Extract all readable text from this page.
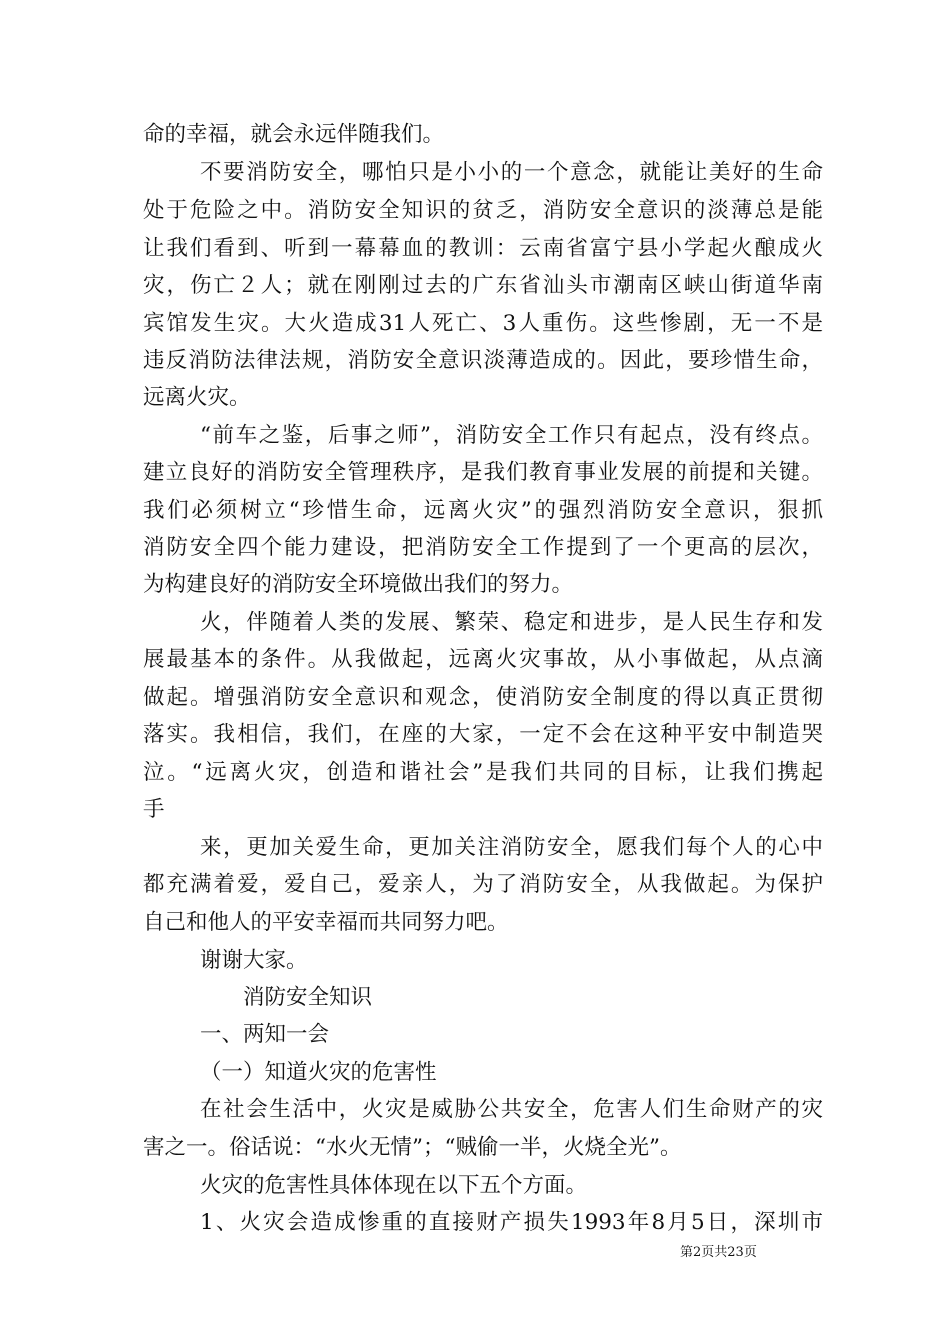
命的幸福，就会永远伴随我们。
不要消防安全，哪怕只是小小的一个意念，就能让美好的生命
处于危险之中。消防安全知识的贫乏，消防安全意识的淡薄总是能
让我们看到、听到一幕幕血的教训：云南省富宁县小学起火酿成火
灾，伤亡２人；就在刚刚过去的广东省汕头市潮南区峡山街道华南
宾馆发生灾。大火造成31人死亡、3人重伤。这些惨剧，无一不是
违反消防法律法规，消防安全意识淡薄造成的。因此，要珍惜生命，
远离火灾。
“前车之鉴，后事之师”，消防安全工作只有起点，没有终点。
建立良好的消防安全管理秩序，是我们教育事业发展的前提和关键。
我们必须树立“珍惜生命，远离火灾”的强烈消防安全意识，狠抓
消防安全四个能力建设，把消防安全工作提到了一个更高的层次，
为构建良好的消防安全环境做出我们的努力。
火，伴随着人类的发展、繁荣、稳定和进步，是人民生存和发
展最基本的条件。从我做起，远离火灾事故，从小事做起，从点滴
做起。增强消防安全意识和观念，使消防安全制度的得以真正贯彻
落实。我相信，我们，在座的大家，一定不会在这种平安中制造哭
泣。“远离火灾，创造和谐社会”是我们共同的目标，让我们携起
手
来，更加关爱生命，更加关注消防安全，愿我们每个人的心中
都充满着爱，爱自己，爱亲人，为了消防安全，从我做起。为保护
自己和他人的平安幸福而共同努力吧。
谢谢大家。
消防安全知识
一、两知一会
（一）知道火灾的危害性
在社会生活中，火灾是威胁公共安全，危害人们生命财产的灾
害之一。俗话说：“水火无情”；“贼偷一半，火烧全光”。
火灾的危害性具体体现在以下五个方面。
1、火灾会造成惨重的直接财产损失1993年8月5日，深圳市
第2页共23页
